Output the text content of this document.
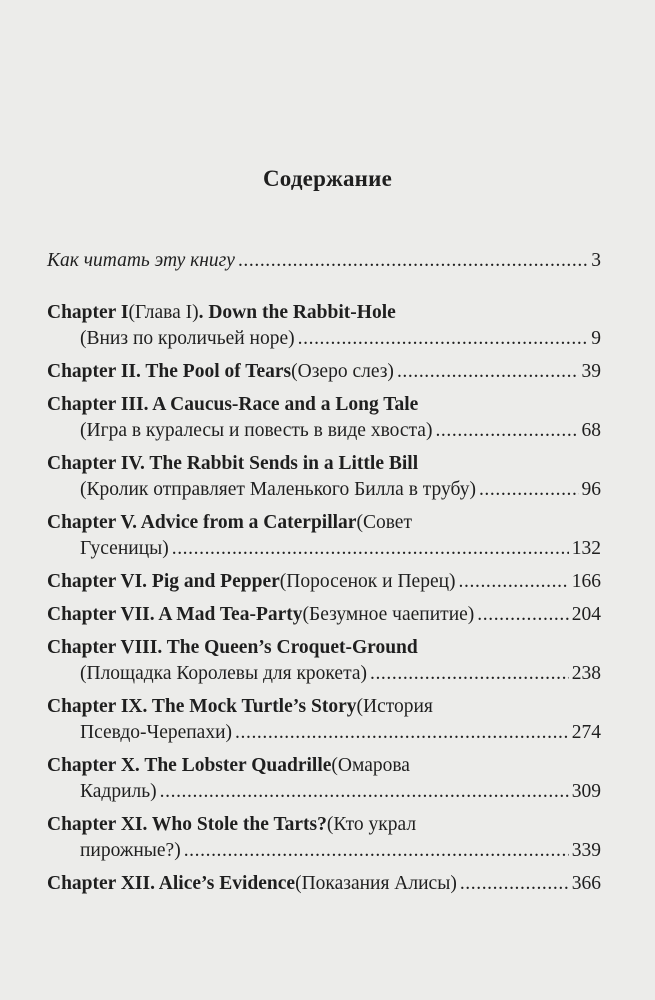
Содержание
Как читать эту книгу .....	3
Chapter I (Глава I) . Down the Rabbit-Hole
(Вниз по кроличьей норе) .....	9
Chapter II. The Pool of Tears (Озеро слез) .....	39
Chapter III. A Caucus-Race and a Long Tale
(Игра в куралесы и повесть в виде хвоста) .....	68
Chapter IV. The Rabbit Sends in a Little Bill
(Кролик отправляет Маленького Билла в трубу) .....	96
Chapter V. Advice from a Caterpillar (Совет
Гусеницы) .....	132
Chapter VI. Pig and Pepper (Поросенок и Перец) .....	166
Chapter VII. A Mad Tea-Party (Безумное чаепитие) .....	204
Chapter VIII. The Queen’s Croquet-Ground
(Площадка Королевы для крокета) .....	238
Chapter IX. The Mock Turtle’s Story (История
Псевдо-Черепахи) .....	274
Chapter X. The Lobster Quadrille (Омарова
Кадриль) .....	309
Chapter XI. Who Stole the Tarts? (Кто украл
пирожные?) .....	339
Chapter XII. Alice’s Evidence (Показания Алисы) .....	366
